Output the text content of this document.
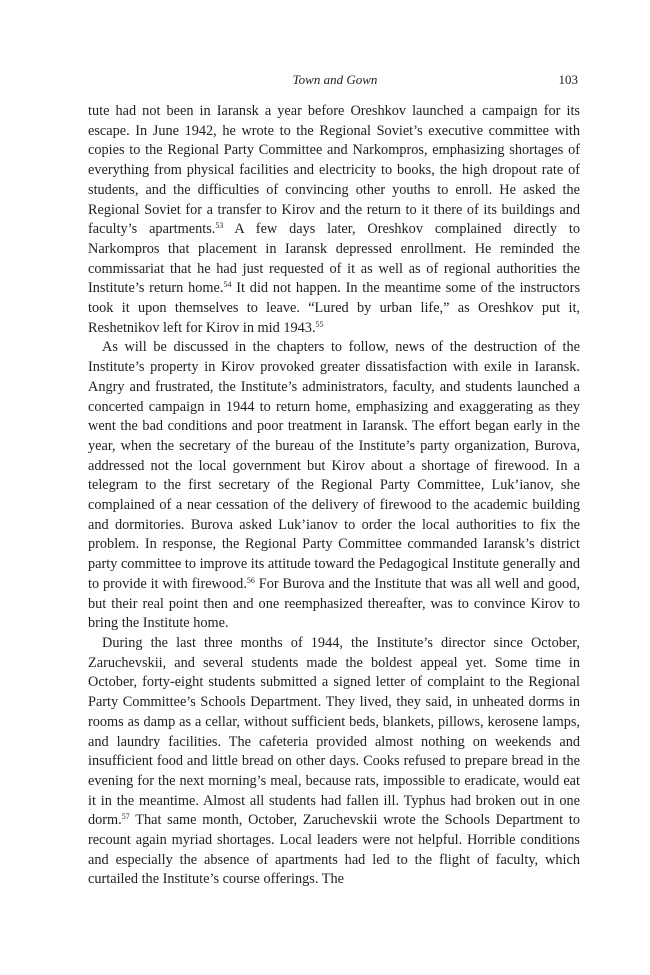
Town and Gown	103

tute had not been in Iaransk a year before Oreshkov launched a campaign for its escape. In June 1942, he wrote to the Regional Soviet’s executive committee with copies to the Regional Party Committee and Narkompros, emphasizing shortages of everything from physical facilities and electricity to books, the high dropout rate of students, and the difficulties of convincing other youths to enroll. He asked the Regional Soviet for a transfer to Kirov and the return to it there of its buildings and faculty’s apartments.$^{53}$ A few days later, Oreshkov complained directly to Narkompros that placement in Iaransk depressed enrollment. He reminded the commissariat that he had just requested of it as well as of regional authorities the Institute’s return home.$^{54}$ It did not happen. In the meantime some of the instructors took it upon themselves to leave. “Lured by urban life,” as Oreshkov put it, Reshetnikov left for Kirov in mid 1943.55

As will be discussed in the chapters to follow, news of the destruction of the Institute’s property in Kirov provoked greater dissatisfaction with exile in Iaransk. Angry and frustrated, the Institute’s administrators, faculty, and students launched a concerted campaign in 1944 to return home, emphasizing and exaggerating as they went the bad conditions and poor treatment in Iaransk. The effort began early in the year, when the secretary of the bureau of the Institute’s party organization, Burova, addressed not the local government but Kirov about a shortage of firewood. In a telegram to the first secretary of the Regional Party Committee, Luk’ianov, she complained of a near cessation of the delivery of firewood to the academic building and dormitories. Burova asked Luk’ianov to order the local authorities to fix the problem. In response, the Regional Party Committee commanded Iaransk’s district party committee to improve its attitude toward the Pedagogical Institute generally and to provide it with firewood.$^{56}$ For Burova and the Institute that was all well and good, but their real point then and one reemphasized thereafter, was to convince Kirov to bring the Institute home.

During the last three months of 1944, the Institute’s director since October, Zaruchevskii, and several students made the boldest appeal yet. Some time in October, forty-eight students submitted a signed letter of complaint to the Regional Party Committee’s Schools Department. They lived, they said, in unheated dorms in rooms as damp as a cellar, without sufficient beds, blankets, pillows, kerosene lamps, and laundry facilities. The cafeteria provided almost nothing on weekends and insufficient food and little bread on other days. Cooks refused to prepare bread in the evening for the next morning’s meal, because rats, impossible to eradicate, would eat it in the meantime. Almost all students had fallen ill. Typhus had broken out in one dorm.$^{57}$ That same month, October, Zaruchevskii wrote the Schools Department to recount again myriad shortages. Local leaders were not helpful. Horrible conditions and especially the absence of apartments had led to the flight of faculty, which curtailed the Institute’s course offerings. The
